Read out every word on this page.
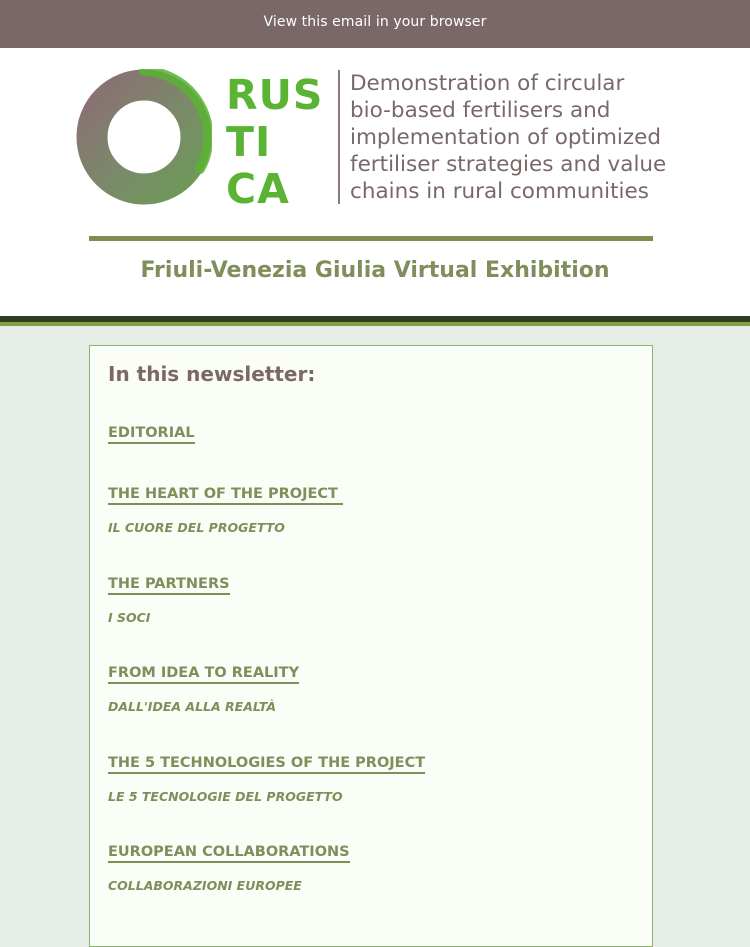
View this email in your browser
RUS
TI
CA
Demonstration of circular
bio-based fertilisers and
implementation of optimized
fertiliser strategies and value
chains in rural communities
Friuli-Venezia Giulia Virtual Exhibition
In this newsletter:
EDITORIAL
THE HEART OF THE PROJECT
IL CUORE DEL PROGETTO
THE PARTNERS
I SOCI
FROM IDEA TO REALITY
DALL'IDEA ALLA REALTÀ
THE 5 TECHNOLOGIES OF THE PROJECT
LE 5 TECNOLOGIE DEL PROGETTO
EUROPEAN COLLABORATIONS
COLLABORAZIONI EUROPEE
